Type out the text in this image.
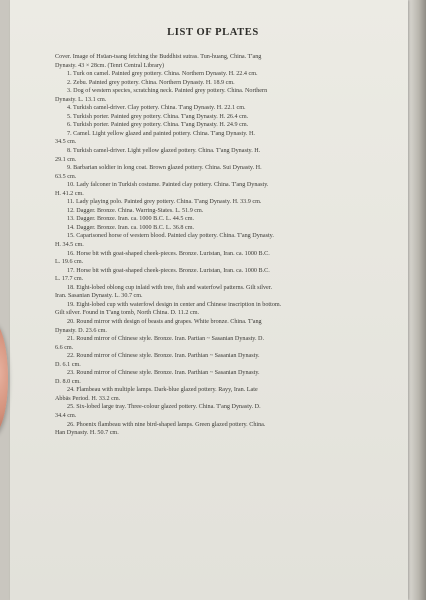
LIST OF PLATES
Cover. Image of Hsüan-tsang fetching the Buddhist sutras. Tun-huang, China. T'ang
Dynasty. 43 × 28cm. (Tenri Central Library)
1. Turk on camel. Painted grey pottery. China. Northern Dynasty. H. 22.4 cm.
2. Zebu. Painted grey pottery. China. Northern Dynasty. H. 18.9 cm.
3. Dog of western species, scratching neck. Painted grey pottery. China. Northern
Dynasty. L. 13.1 cm.
4. Turkish camel-driver. Clay pottery. China. T'ang Dynasty. H. 22.1 cm.
5. Turkish porter. Painted grey pottery. China. T'ang Dynasty. H. 26.4 cm.
6. Turkish porter. Painted grey pottery. China. T'ang Dynasty. H. 24.9 cm.
7. Camel. Light yellow glazed and painted pottery. China. T'ang Dynasty. H.
34.5 cm.
8. Turkish camel-driver. Light yellow glazed pottery. China. T'ang Dynasty. H.
29.1 cm.
9. Barbarian soldier in long coat. Brown glazed pottery. China. Sui Dynasty. H.
63.5 cm.
10. Lady falconer in Turkish costume. Painted clay pottery. China. T'ang Dynasty.
H. 41.2 cm.
11. Lady playing polo. Painted grey pottery. China. T'ang Dynasty. H. 33.9 cm.
12. Dagger. Bronze. China. Warring-States. L. 51.9 cm.
13. Dagger. Bronze. Iran. ca. 1000 B.C. L. 44.5 cm.
14. Dagger. Bronze. Iran. ca. 1000 B.C. L. 36.8 cm.
15. Caparisoned horse of western blood. Painted clay pottery. China. T'ang Dynasty.
H. 34.5 cm.
16. Horse bit with goat-shaped cheek-pieces. Bronze. Luristan, Iran. ca. 1000 B.C.
L. 19.6 cm.
17. Horse bit with goat-shaped cheek-pieces. Bronze. Luristan, Iran. ca. 1000 B.C.
L. 17.7 cm.
18. Eight-lobed oblong cup inlaid with tree, fish and waterfowl patterns. Gilt silver.
Iran. Sasanian Dynasty. L. 30.7 cm.
19. Eight-lobed cup with waterfowl design in center and Chinese inscription in bottom.
Gilt silver. Found in T'ang tomb, North China. D. 11.2 cm.
20. Round mirror with design of beasts and grapes. White bronze. China. T'ang
Dynasty. D. 23.6 cm.
21. Round mirror of Chinese style. Bronze. Iran. Partian ~ Sasanian Dynasty. D.
6.6 cm.
22. Round mirror of Chinese style. Bronze. Iran. Parthian ~ Sasanian Dynasty.
D. 6.1 cm.
23. Round mirror of Chinese style. Bronze. Iran. Parthian ~ Sasanian Dynasty.
D. 8.0 cm.
24. Flambeau with multiple lamps. Dark-blue glazed pottery. Rayy, Iran. Late
Abbās Period. H. 33.2 cm.
25. Six-lobed large tray. Three-colour glazed pottery. China. T'ang Dynasty. D.
34.4 cm.
26. Phoenix flambeau with nine bird-shaped lamps. Green glazed pottery. China.
Han Dynasty. H. 50.7 cm.
